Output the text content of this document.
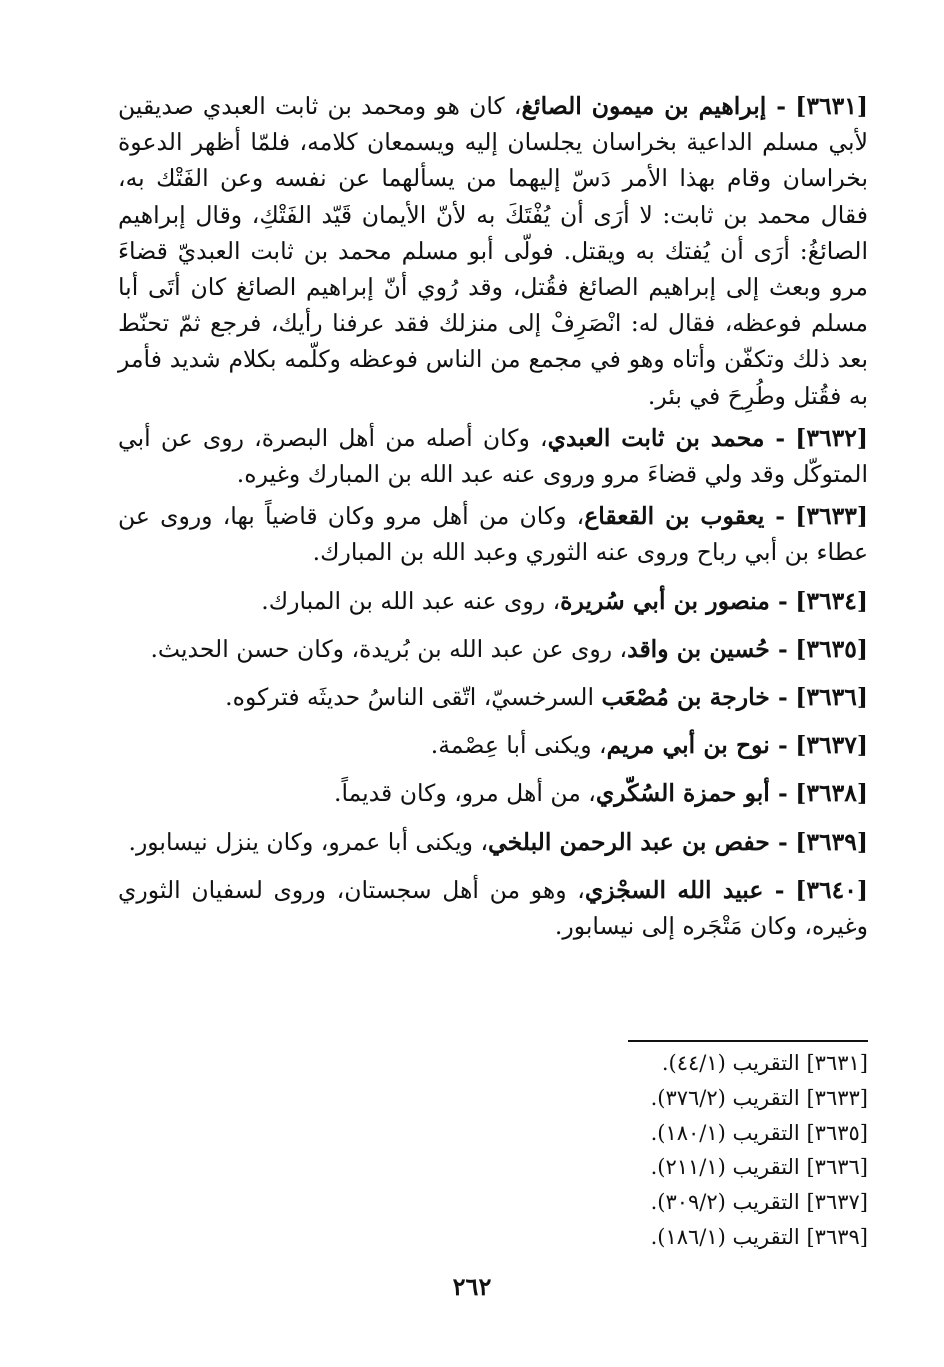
[٣٦٣١] - إبراهيم بن ميمون الصائغ، كان هو ومحمد بن ثابت العبدي صديقين لأبي مسلم الداعية بخراسان يجلسان إليه ويسمعان كلامه، فلمّا أظهر الدعوة بخراسان وقام بهذا الأمر دَسّ إليهما من يسألهما عن نفسه وعن الفَتْك به، فقال محمد بن ثابت: لا أرَى أن يُفْتَكَ به لأنّ الأيمان قَيّد الفَتْكِ، وقال إبراهيم الصائغُ: أرَى أن يُفتك به ويقتل. فولّى أبو مسلم محمد بن ثابت العبديّ قضاءَ مرو وبعث إلى إبراهيم الصائغ فقُتل، وقد رُوي أنّ إبراهيم الصائغ كان أتَى أبا مسلم فوعظه، فقال له: انْصَرِفْ إلى منزلك فقد عرفنا رأيك، فرجع ثمّ تحنّط بعد ذلك وتكفّن وأتاه وهو في مجمع من الناس فوعظه وكلّمه بكلام شديد فأمر به فقُتل وطُرِحَ في بئر.

[٣٦٣٢] - محمد بن ثابت العبدي، وكان أصله من أهل البصرة، روى عن أبي المتوكّل وقد ولي قضاءَ مرو وروى عنه عبد الله بن المبارك وغيره.

[٣٦٣٣] - يعقوب بن القعقاع، وكان من أهل مرو وكان قاضياً بها، وروى عن عطاء بن أبي رباح وروى عنه الثوري وعبد الله بن المبارك.

[٣٦٣٤] - منصور بن أبي سُريرة، روى عنه عبد الله بن المبارك.

[٣٦٣٥] - حُسين بن واقد، روى عن عبد الله بن بُريدة، وكان حسن الحديث.

[٣٦٣٦] - خارجة بن مُصْعَب السرخسيّ، اتّقى الناسُ حديثَه فتركوه.

[٣٦٣٧] - نوح بن أبي مريم، ويكنى أبا عِصْمة.

[٣٦٣٨] - أبو حمزة السُكّري، من أهل مرو، وكان قديماً.

[٣٦٣٩] - حفص بن عبد الرحمن البلخي، ويكنى أبا عمرو، وكان ينزل نيسابور.

[٣٦٤٠] - عبيد الله السجْزي، وهو من أهل سجستان، وروى لسفيان الثوري وغيره، وكان مَتْجَره إلى نيسابور.

[٣٦٣١] التقريب (٤٤/١).
[٣٦٣٣] التقريب (٣٧٦/٢).
[٣٦٣٥] التقريب (١٨٠/١).
[٣٦٣٦] التقريب (٢١١/١).
[٣٦٣٧] التقريب (٣٠٩/٢).
[٣٦٣٩] التقريب (١٨٦/١).
٢٦٢
